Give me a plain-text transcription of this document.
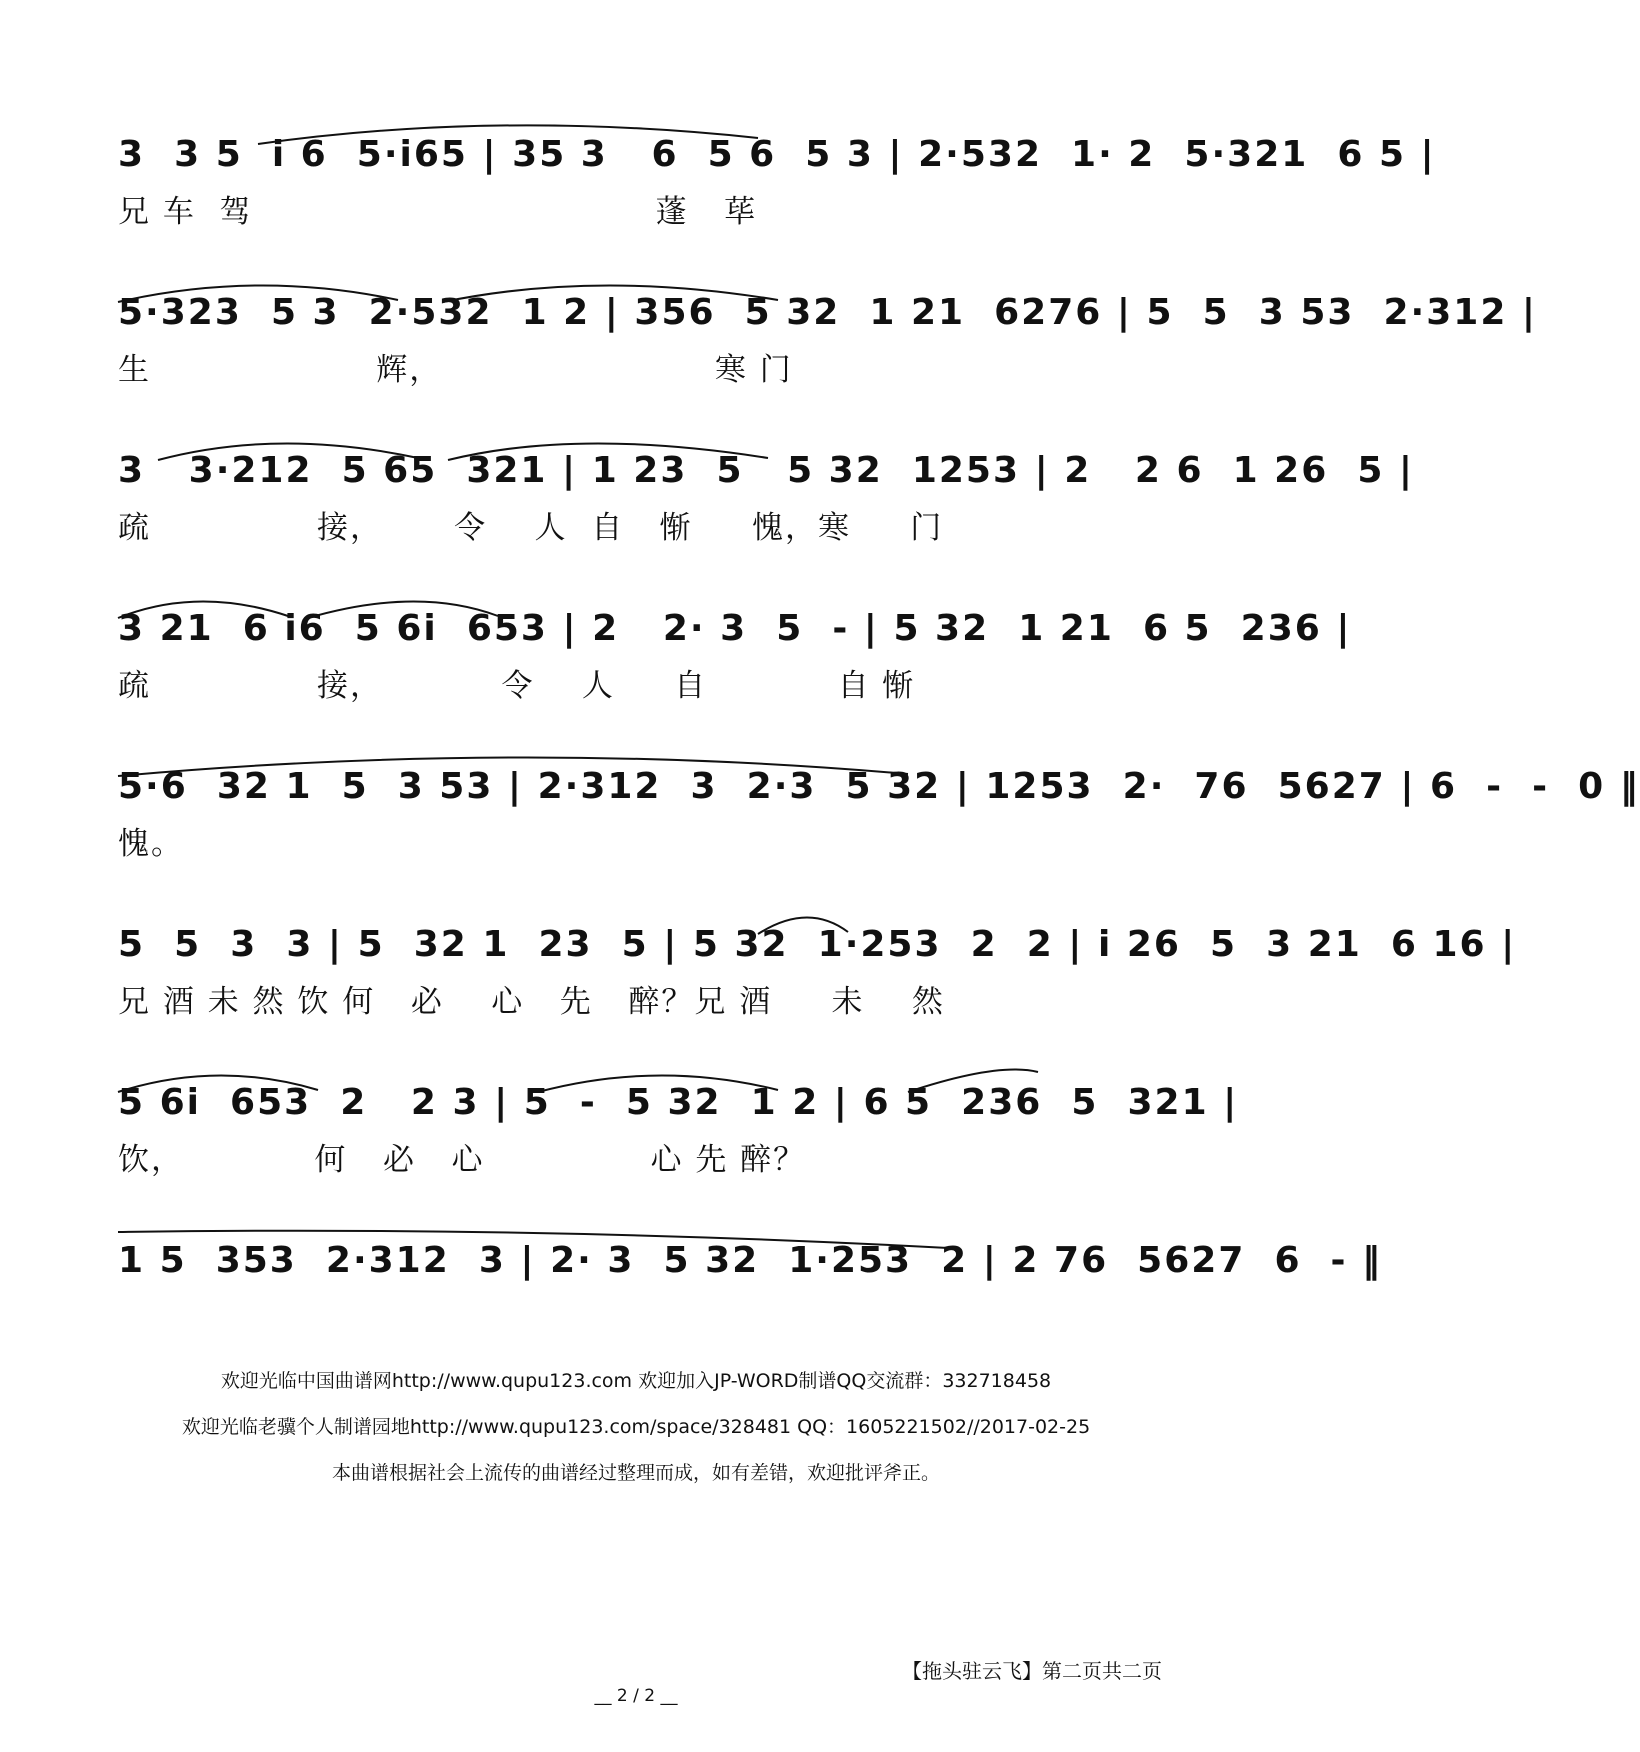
3  3 5  i 6  5·i65 | 35 3   6  5 6  5 3 | 2·532  1· 2  5·321  6 5 |

兄 车  驾                                  蓬   荜

5·323  5 3  2·532  1 2 | 356  5 32  1 21  6276 | 5  5  3 53  2·312 |

生                   辉，                       寒 门

3   3·212  5 65  321 | 1 23  5   5 32  1253 | 2   2 6  1 26  5 |

疏              接，      令    人  自   惭     愧，寒     门

3 21  6 i6  5 6i  653 | 2   2· 3  5  - | 5 32  1 21  6 5  236 |

疏              接，          令    人     自           自 惭

5·6  32 1  5  3 53 | 2·312  3  2·3  5 32 | 1253  2·  76  5627 | 6  -  -  0 ‖

愧。

5  5  3  3 | 5  32 1  23  5 | 5 32  1·253  2  2 | i 26  5  3 21  6 16 |

兄 酒 未 然 饮 何   必    心   先   醉？兄 酒     未    然

5 6i  653  2   2 3 | 5  -  5 32  1 2 | 6 5  236  5  321 |

饮，           何   必   心              心 先 醉？

1 5  353  2·312  3 | 2· 3  5 32  1·253  2 | 2 76  5627  6  - ‖

欢迎光临中国曲谱网http://www.qupu123.com 欢迎加入JP-WORD制谱QQ交流群：332718458
欢迎光临老骥个人制谱园地http://www.qupu123.com/space/328481 QQ：1605221502//2017-02-25
本曲谱根据社会上流传的曲谱经过整理而成，如有差错，欢迎批评斧正。
【拖头驻云飞】第二页共二页
__ 2 / 2 __
